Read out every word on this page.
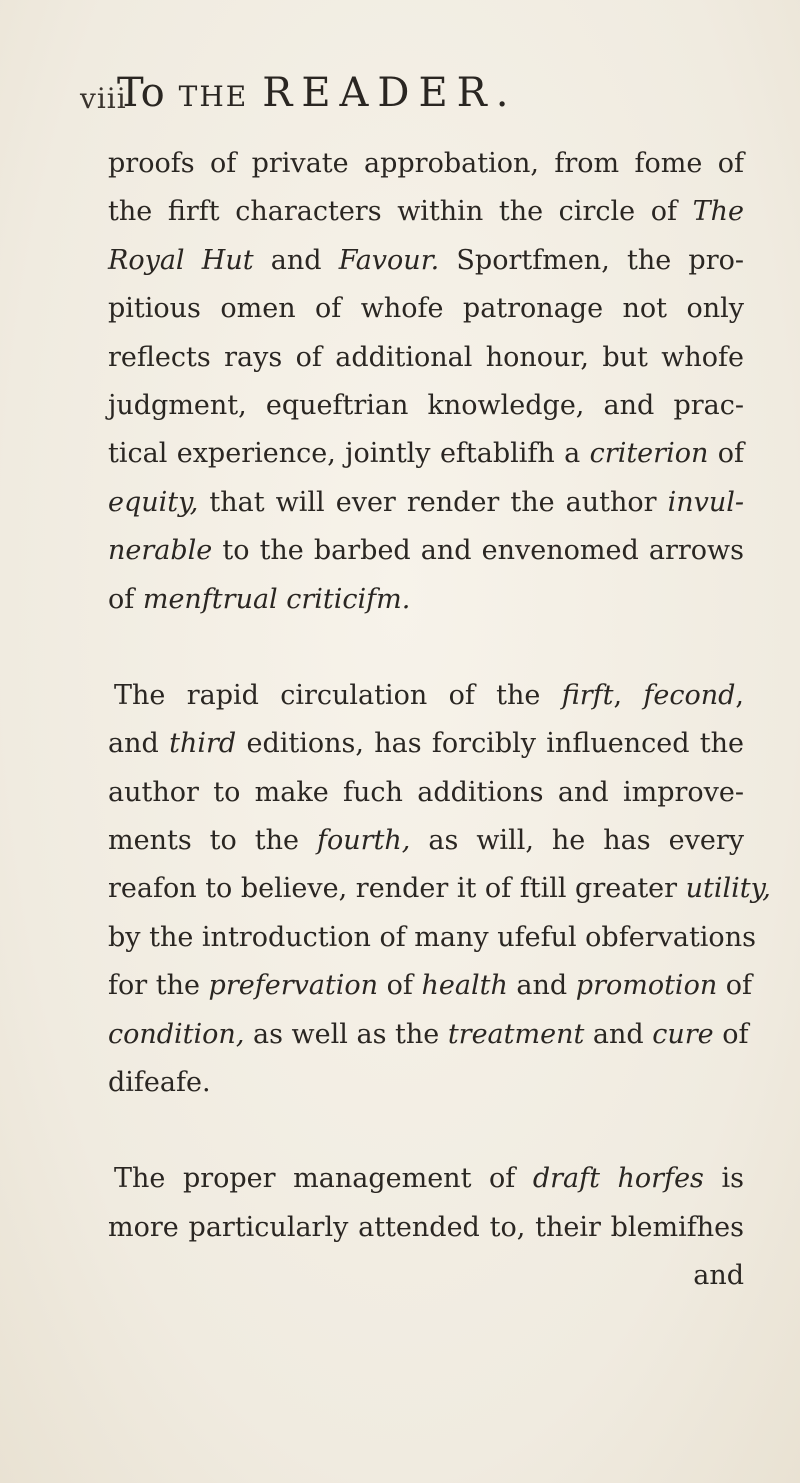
viii
To THE READER.
proofs of private approbation, from fome of
the firft characters within the circle of The
Royal Hut and Favour. Sportfmen, the pro-
pitious omen of whofe patronage not only
reflects rays of additional honour, but whofe
judgment, equeftrian knowledge, and prac-
tical experience, jointly eftablifh a criterion of
equity, that will ever render the author invul-
nerable to the barbed and envenomed arrows
of menftrual criticifm.
The rapid circulation of the firft, fecond,
and third editions, has forcibly influenced the
author to make fuch additions and improve-
ments to the fourth, as will, he has every
reafon to believe, render it of ftill greater utility,
by the introduction of many ufeful obfervations
for the prefervation of health and promotion of
condition, as well as the treatment and cure of
difeafe.
The proper management of draft horfes is
more particularly attended to, their blemifhes
and
